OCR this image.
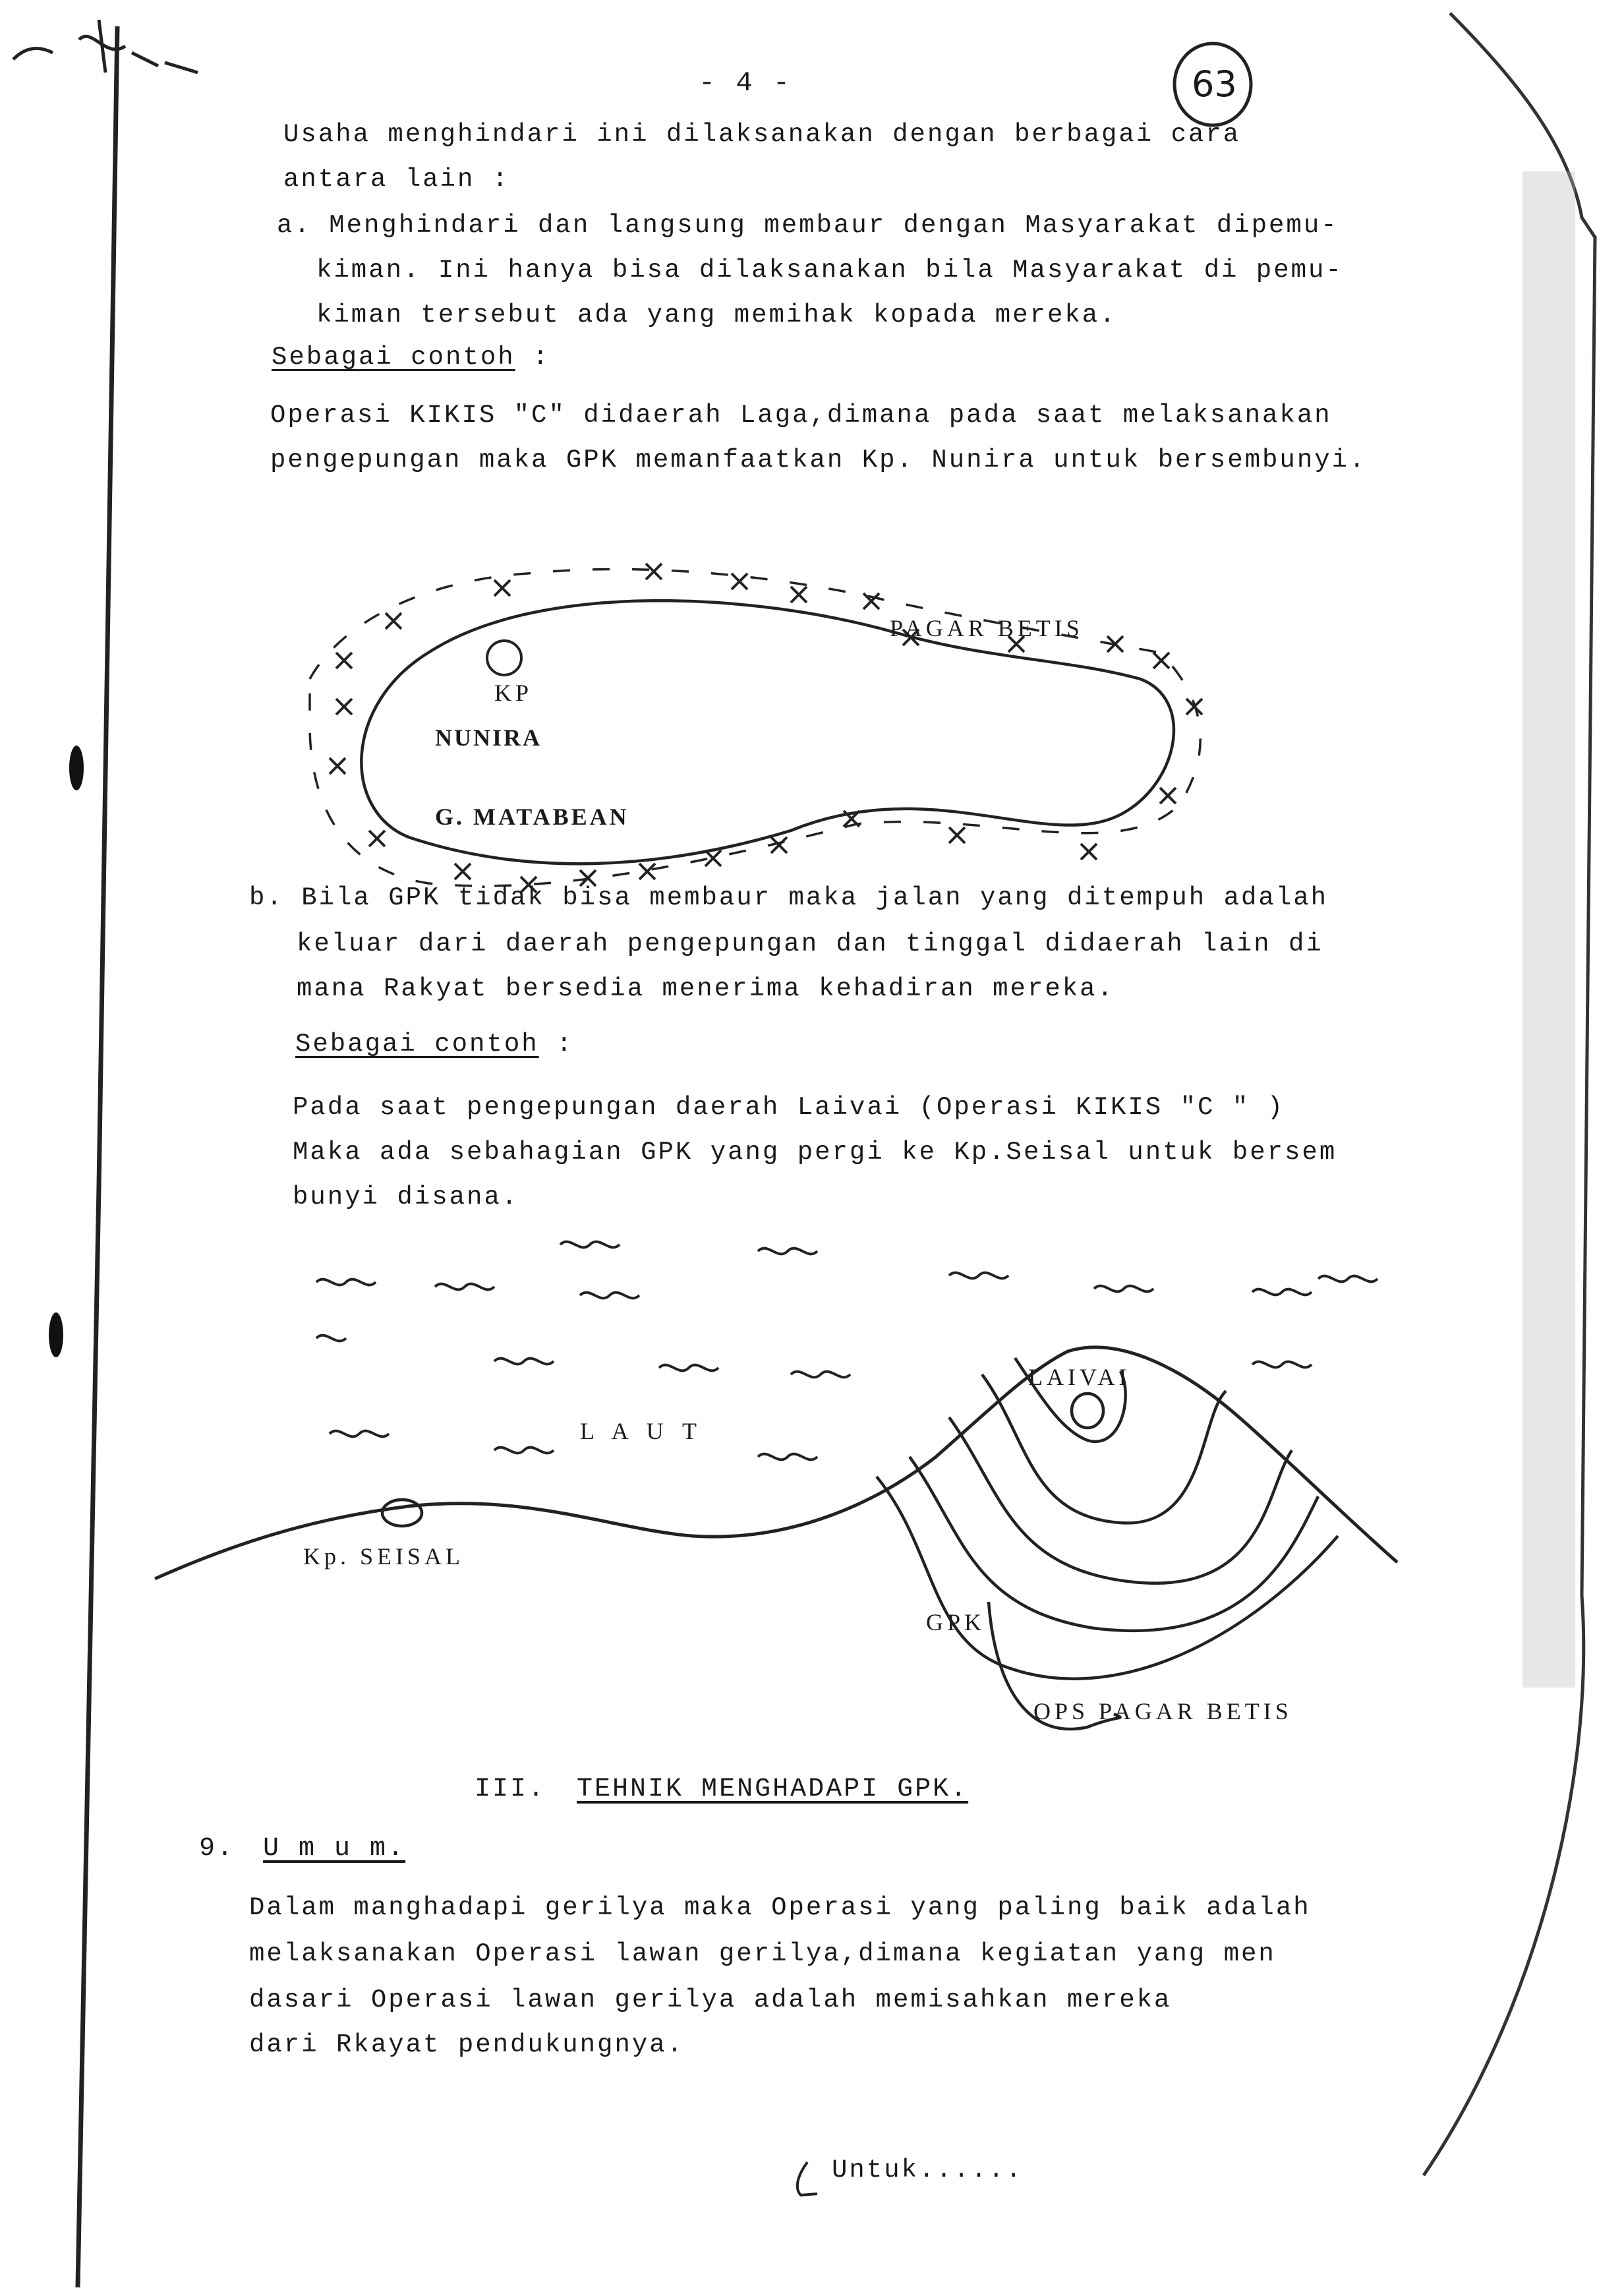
- 4 -	63
Usaha menghindari ini dilaksanakan dengan berbagai cara
antara lain :
a. Menghindari dan langsung membaur dengan Masyarakat dipemu-
kiman. Ini hanya bisa dilaksanakan bila Masyarakat di pemu-
kiman tersebut ada yang memihak kopada mereka.
Sebagai contoh :
Operasi KIKIS "C" didaerah Laga,dimana pada saat melaksanakan
pengepungan maka GPK memanfaatkan Kp. Nunira untuk bersembunyi.
KP
NUNIRA
G. MATABEAN
PAGAR BETIS
b. Bila GPK tidak bisa membaur maka jalan yang ditempuh adalah
keluar dari daerah pengepungan dan tinggal didaerah lain di
mana Rakyat bersedia menerima kehadiran mereka.
Sebagai contoh :
Pada saat pengepungan daerah Laivai (Operasi KIKIS "C " )
Maka ada sebahagian GPK yang pergi ke Kp.Seisal untuk bersem
bunyi disana.
L A U T
LAIVAI
Kp. SEISAL
GPK
OPS PAGAR BETIS
III. TEHNIK MENGHADAPI GPK.
9. U m u m.
Dalam manghadapi gerilya maka Operasi yang paling baik adalah
melaksanakan Operasi lawan gerilya,dimana kegiatan yang men
dasari Operasi lawan gerilya adalah memisahkan mereka
dari Rkayat pendukungnya.
Untuk......
